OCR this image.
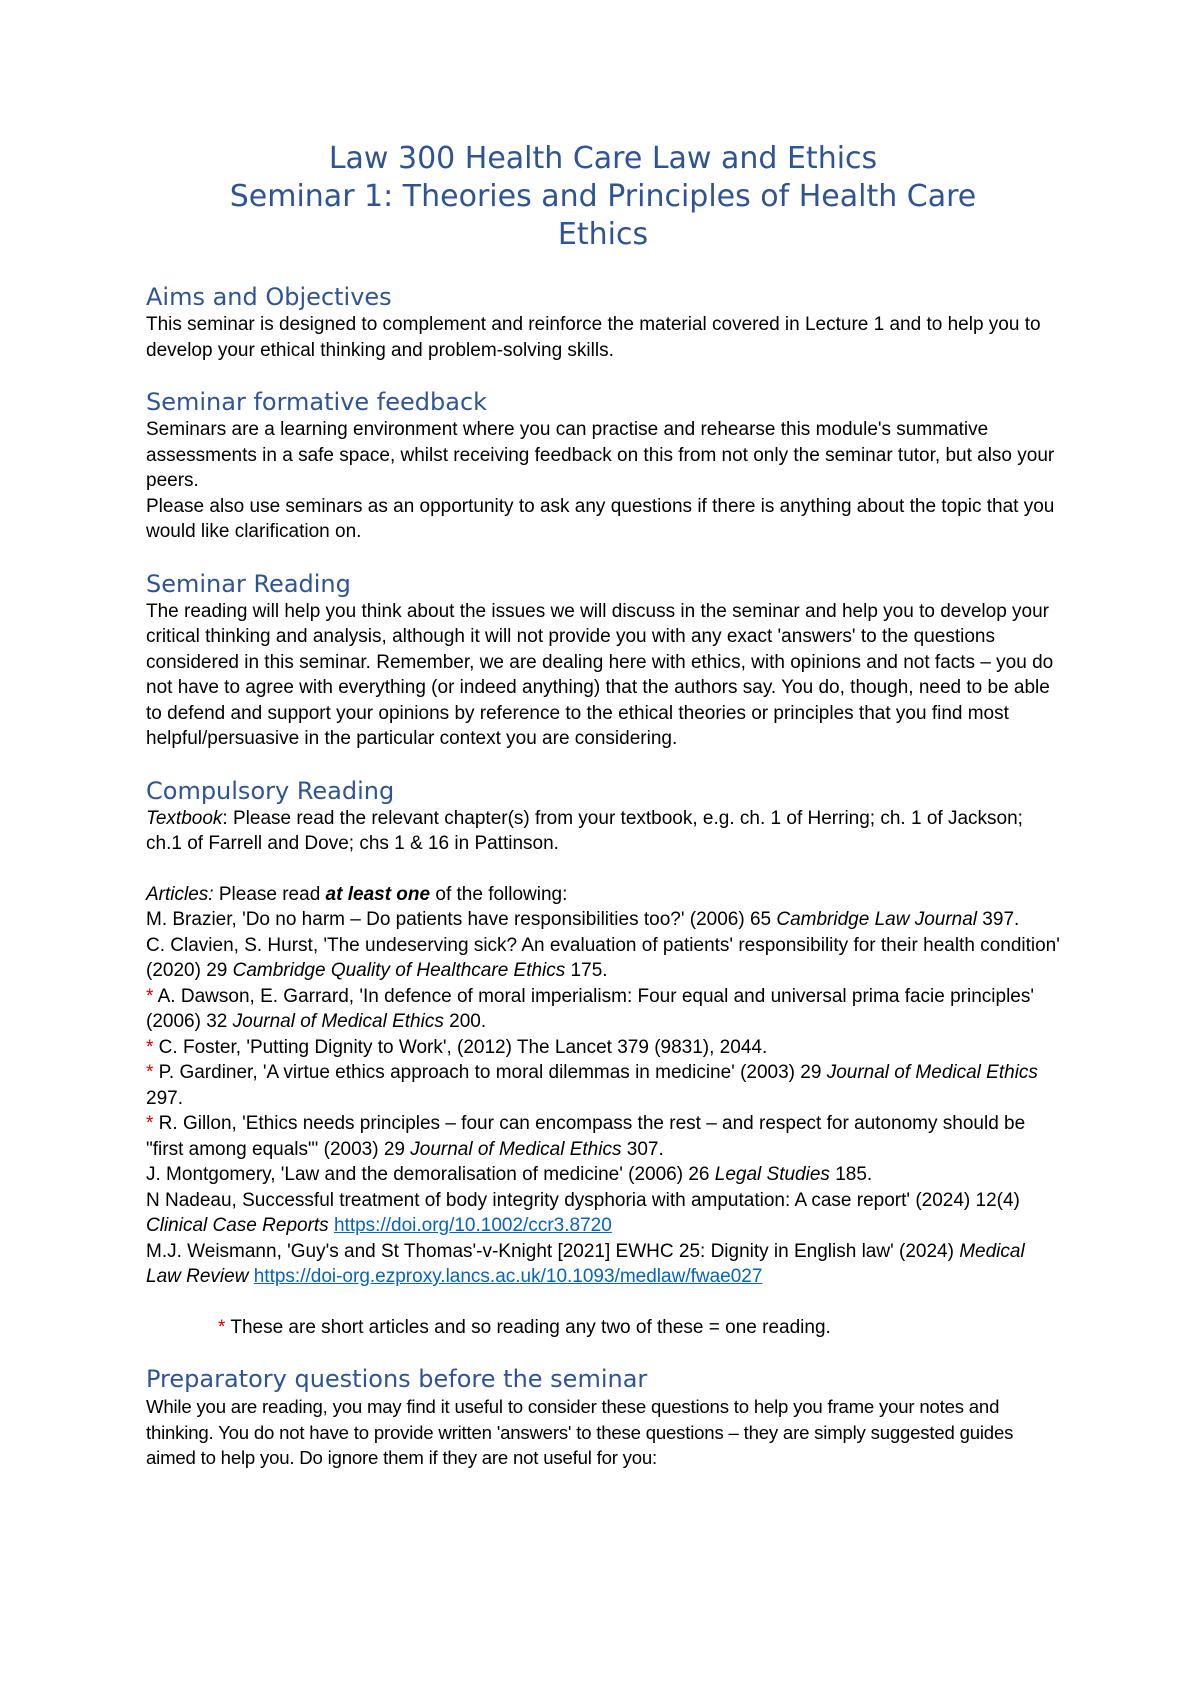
Law 300 Health Care Law and Ethics
Seminar 1: Theories and Principles of Health Care
Ethics
Aims and Objectives

This seminar is designed to complement and reinforce the material covered in Lecture 1 and to help you to develop your ethical thinking and problem-solving skills.

Seminar formative feedback

Seminars are a learning environment where you can practise and rehearse this module's summative assessments in a safe space, whilst receiving feedback on this from not only the seminar tutor, but also your peers.

Please also use seminars as an opportunity to ask any questions if there is anything about the topic that you would like clarification on.

Seminar Reading

The reading will help you think about the issues we will discuss in the seminar and help you to develop your critical thinking and analysis, although it will not provide you with any exact 'answers' to the questions considered in this seminar. Remember, we are dealing here with ethics, with opinions and not facts – you do not have to agree with everything (or indeed anything) that the authors say. You do, though, need to be able to defend and support your opinions by reference to the ethical theories or principles that you find most helpful/persuasive in the particular context you are considering.

Compulsory Reading

Textbook: Please read the relevant chapter(s) from your textbook, e.g. ch. 1 of Herring; ch. 1 of Jackson; ch.1 of Farrell and Dove; chs 1 & 16 in Pattinson.

Articles: Please read at least one of the following:

M. Brazier, 'Do no harm – Do patients have responsibilities too?' (2006) 65 Cambridge Law Journal 397.

C. Clavien, S. Hurst, 'The undeserving sick? An evaluation of patients' responsibility for their health condition' (2020) 29 Cambridge Quality of Healthcare Ethics 175.

* A. Dawson, E. Garrard, 'In defence of moral imperialism: Four equal and universal prima facie principles' (2006) 32 Journal of Medical Ethics 200.

* C. Foster, 'Putting Dignity to Work', (2012) The Lancet 379 (9831), 2044.

* P. Gardiner, 'A virtue ethics approach to moral dilemmas in medicine' (2003) 29 Journal of Medical Ethics 297.

* R. Gillon, 'Ethics needs principles – four can encompass the rest – and respect for autonomy should be "first among equals"' (2003) 29 Journal of Medical Ethics 307.

J. Montgomery, 'Law and the demoralisation of medicine' (2006) 26 Legal Studies 185.

N Nadeau, Successful treatment of body integrity dysphoria with amputation: A case report' (2024) 12(4) Clinical Case Reports https://doi.org/10.1002/ccr3.8720

M.J. Weismann, 'Guy's and St Thomas'-v-Knight [2021] EWHC 25: Dignity in English law' (2024) Medical Law Review https://doi-org.ezproxy.lancs.ac.uk/10.1093/medlaw/fwae027

* These are short articles and so reading any two of these = one reading.

Preparatory questions before the seminar

While you are reading, you may find it useful to consider these questions to help you frame your notes and thinking. You do not have to provide written 'answers' to these questions – they are simply suggested guides aimed to help you. Do ignore them if they are not useful for you:
